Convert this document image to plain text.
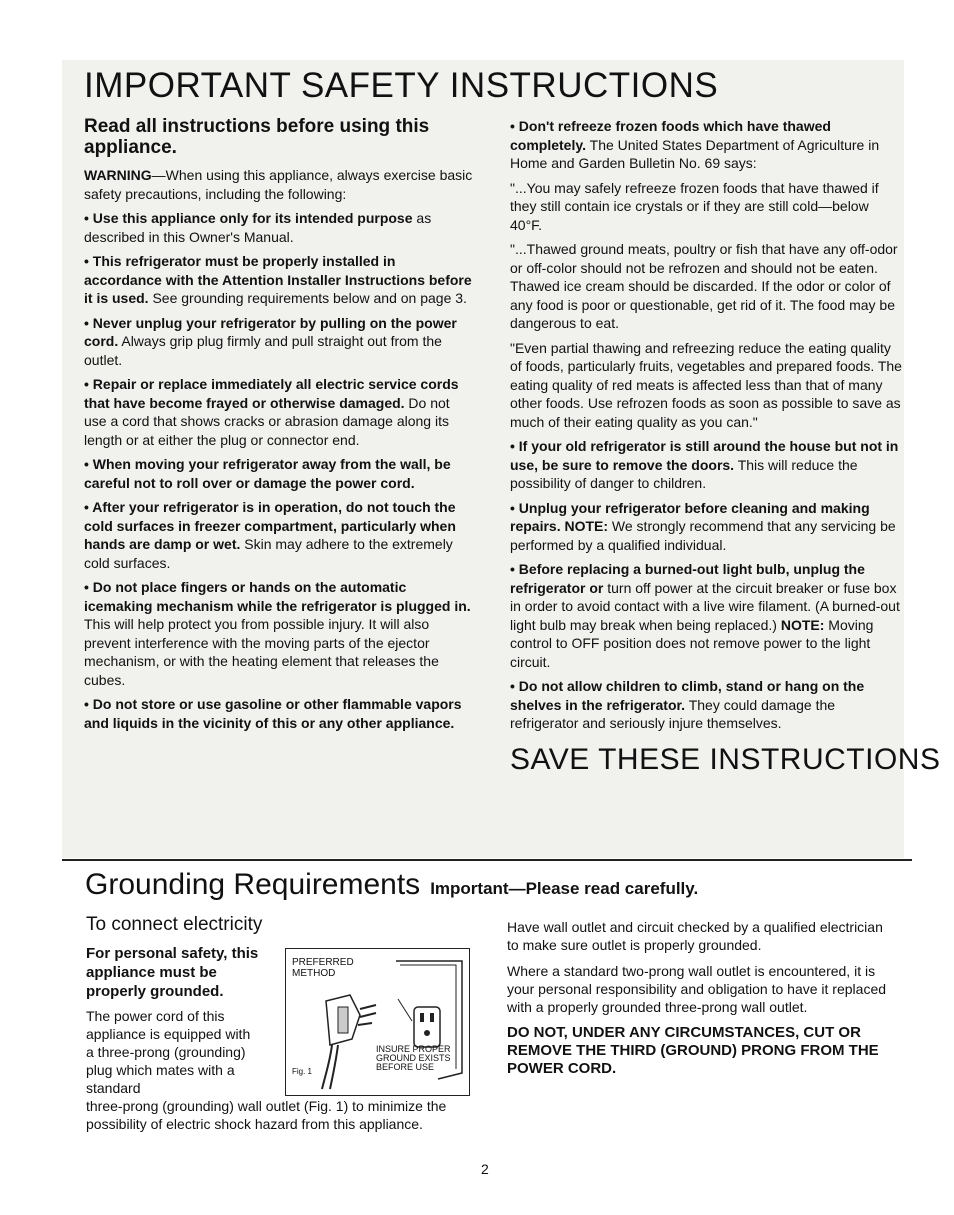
IMPORTANT SAFETY INSTRUCTIONS

Read all instructions before using this appliance.

WARNING—When using this appliance, always exercise basic safety precautions, including the following:

• Use this appliance only for its intended purpose as described in this Owner's Manual.

• This refrigerator must be properly installed in accordance with the Attention Installer Instructions before it is used. See grounding requirements below and on page 3.

• Never unplug your refrigerator by pulling on the power cord. Always grip plug firmly and pull straight out from the outlet.

• Repair or replace immediately all electric service cords that have become frayed or otherwise damaged. Do not use a cord that shows cracks or abrasion damage along its length or at either the plug or connector end.

• When moving your refrigerator away from the wall, be careful not to roll over or damage the power cord.

• After your refrigerator is in operation, do not touch the cold surfaces in freezer compartment, particularly when hands are damp or wet. Skin may adhere to the extremely cold surfaces.

• Do not place fingers or hands on the automatic icemaking mechanism while the refrigerator is plugged in. This will help protect you from possible injury. It will also prevent interference with the moving parts of the ejector mechanism, or with the heating element that releases the cubes.

• Do not store or use gasoline or other flammable vapors and liquids in the vicinity of this or any other appliance.

• Don't refreeze frozen foods which have thawed completely. The United States Department of Agriculture in Home and Garden Bulletin No. 69 says:

"...You may safely refreeze frozen foods that have thawed if they still contain ice crystals or if they are still cold—below 40°F.

"...Thawed ground meats, poultry or fish that have any off-odor or off-color should not be refrozen and should not be eaten. Thawed ice cream should be discarded. If the odor or color of any food is poor or questionable, get rid of it. The food may be dangerous to eat.

"Even partial thawing and refreezing reduce the eating quality of foods, particularly fruits, vegetables and prepared foods. The eating quality of red meats is affected less than that of many other foods. Use refrozen foods as soon as possible to save as much of their eating quality as you can."

• If your old refrigerator is still around the house but not in use, be sure to remove the doors. This will reduce the possibility of danger to children.

• Unplug your refrigerator before cleaning and making repairs. NOTE: We strongly recommend that any servicing be performed by a qualified individual.

• Before replacing a burned-out light bulb, unplug the refrigerator or turn off power at the circuit breaker or fuse box in order to avoid contact with a live wire filament. (A burned-out light bulb may break when being replaced.) NOTE: Moving control to OFF position does not remove power to the light circuit.

• Do not allow children to climb, stand or hang on the shelves in the refrigerator. They could damage the refrigerator and seriously injure themselves.

SAVE THESE INSTRUCTIONS

Grounding Requirements Important—Please read carefully.

To connect electricity

For personal safety, this appliance must be properly grounded.

The power cord of this appliance is equipped with a three-prong (grounding) plug which mates with a standard

three-prong (grounding) wall outlet (Fig. 1) to minimize the possibility of electric shock hazard from this appliance.

PREFERRED
METHOD
Fig. 1
INSURE PROPER
GROUND EXISTS
BEFORE USE

Have wall outlet and circuit checked by a qualified electrician to make sure outlet is properly grounded.

Where a standard two-prong wall outlet is encountered, it is your personal responsibility and obligation to have it replaced with a properly grounded three-prong wall outlet.

DO NOT, UNDER ANY CIRCUMSTANCES, CUT OR REMOVE THE THIRD (GROUND) PRONG FROM THE POWER CORD.

2
